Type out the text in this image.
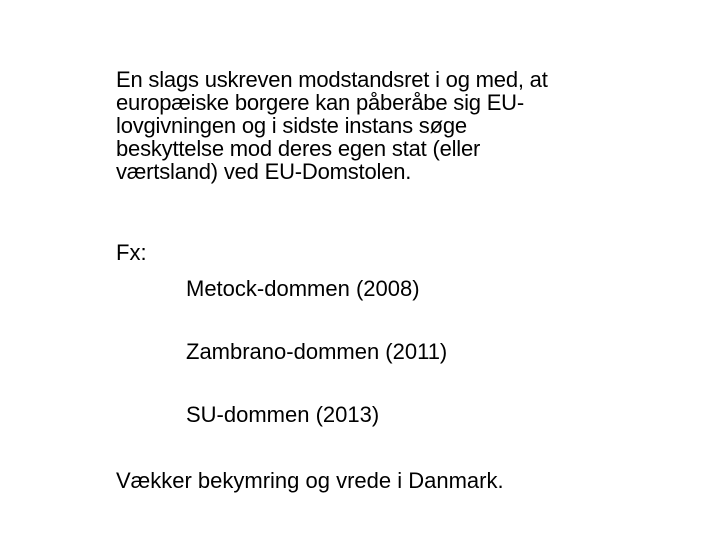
En slags uskreven modstandsret i og med, at
europæiske borgere kan påberåbe sig EU-
lovgivningen og i sidste instans søge
beskyttelse mod deres egen stat (eller
værtsland) ved EU-Domstolen.
Fx:
Metock-dommen (2008)
Zambrano-dommen (2011)
SU-dommen (2013)
Vækker bekymring og vrede i Danmark.
